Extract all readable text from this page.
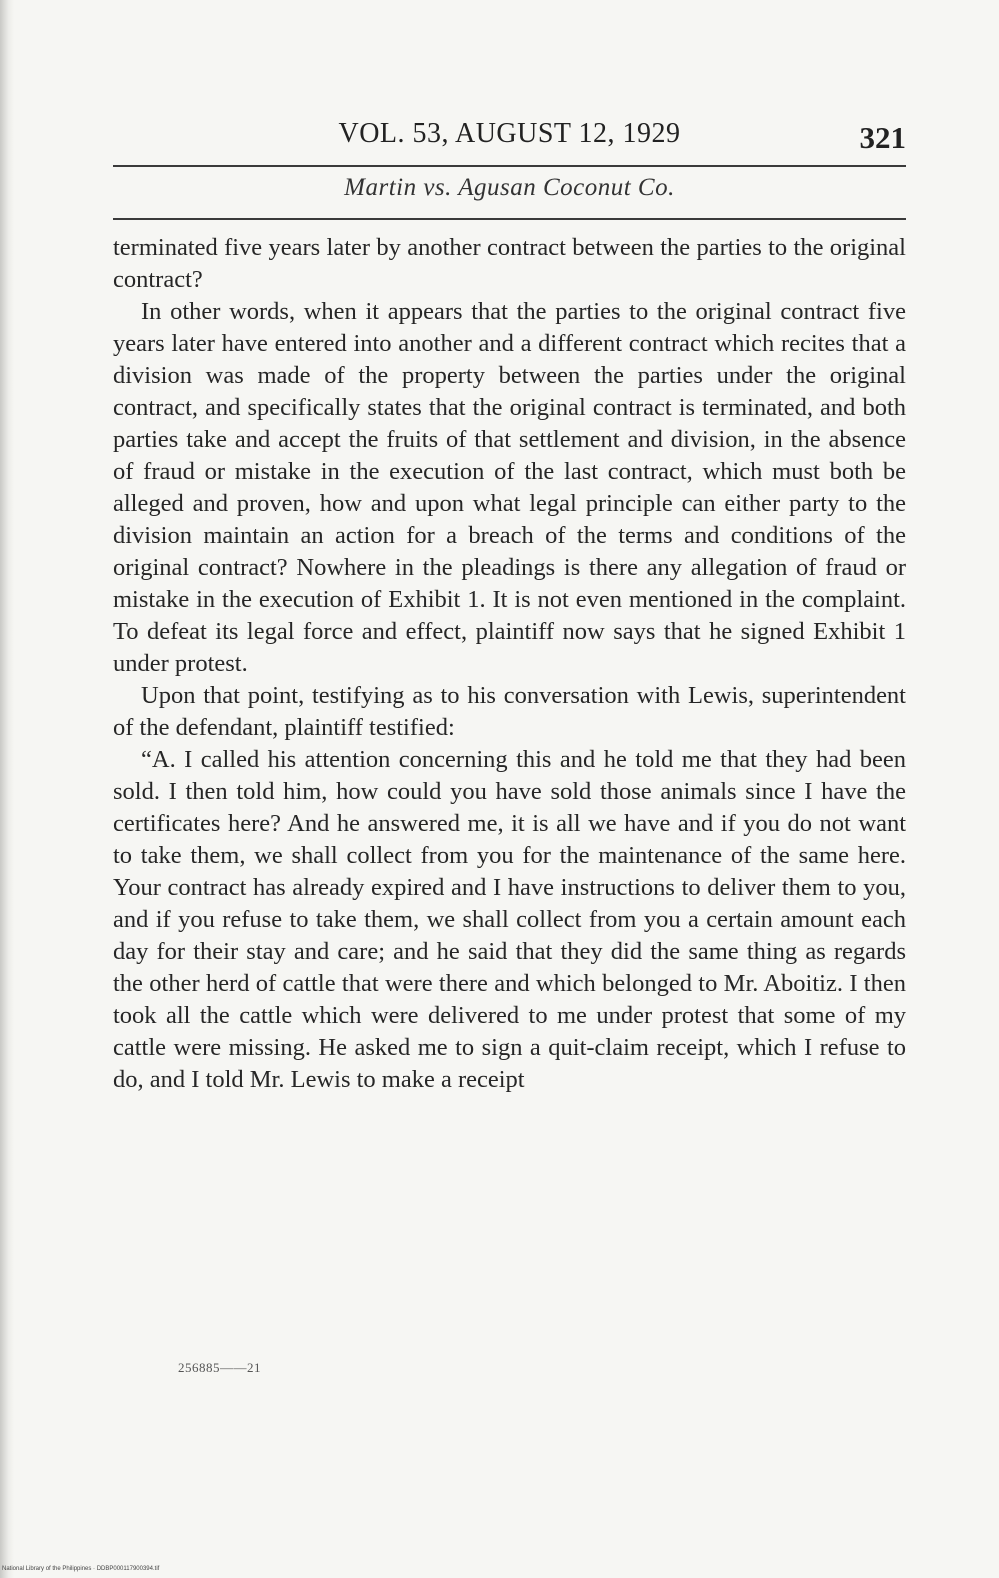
VOL. 53, AUGUST 12, 1929	321
Martin vs. Agusan Coconut Co.

terminated five years later by another contract between the parties to the original contract?

In other words, when it appears that the parties to the original contract five years later have entered into another and a different contract which recites that a division was made of the property between the parties under the original contract, and specifically states that the original contract is terminated, and both parties take and accept the fruits of that settlement and division, in the absence of fraud or mistake in the execution of the last contract, which must both be alleged and proven, how and upon what legal principle can either party to the division maintain an action for a breach of the terms and conditions of the original contract? Nowhere in the pleadings is there any allegation of fraud or mistake in the execution of Exhibit 1. It is not even mentioned in the complaint. To defeat its legal force and effect, plaintiff now says that he signed Exhibit 1 under protest.

Upon that point, testifying as to his conversation with Lewis, superintendent of the defendant, plaintiff testified:

“A. I called his attention concerning this and he told me that they had been sold. I then told him, how could you have sold those animals since I have the certificates here? And he answered me, it is all we have and if you do not want to take them, we shall collect from you for the maintenance of the same here. Your contract has already expired and I have instructions to deliver them to you, and if you refuse to take them, we shall collect from you a certain amount each day for their stay and care; and he said that they did the same thing as regards the other herd of cattle that were there and which belonged to Mr. Aboitiz. I then took all the cattle which were delivered to me under protest that some of my cattle were missing. He asked me to sign a quit-claim receipt, which I refuse to do, and I told Mr. Lewis to make a receipt

256885——21
National Library of the Philippines · DDBP000117900394.tif
